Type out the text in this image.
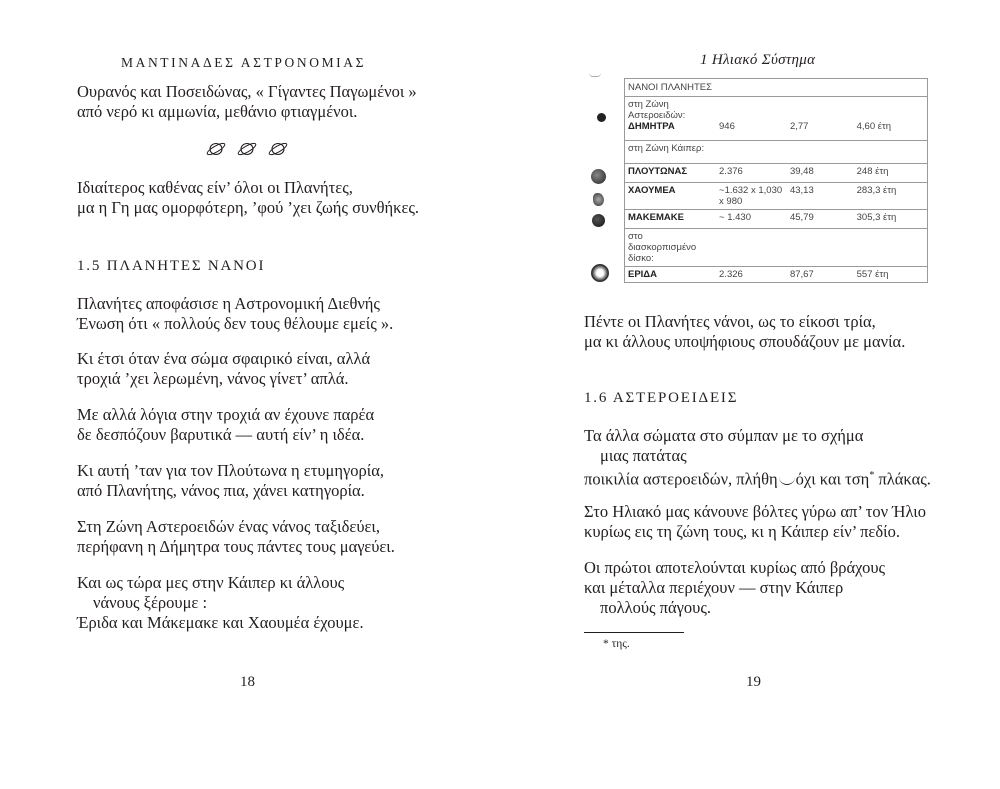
ΜΑΝΤΙΝΑΔΕΣ ΑΣΤΡΟΝΟΜΙΑΣ
Ουρανός και Ποσειδώνας, « Γίγαντες Παγωμένοι »
από νερό κι αμμωνία, μεθάνιο φτιαγμένοι.
Ιδιαίτερος καθένας είν’ όλοι οι Πλανήτες,
μα η Γη μας ομορφότερη, ’φού ’χει ζωής συνθήκες.
1.5 ΠΛΑΝΗΤΕΣ ΝΑΝΟΙ
Πλανήτες αποφάσισε η Αστρονομική Διεθνής
Ένωση ότι « πολλούς δεν τους θέλουμε εμείς ».
Κι έτσι όταν ένα σώμα σφαιρικό είναι, αλλά
τροχιά ’χει λερωμένη, νάνος γίνετ’ απλά.
Με αλλά λόγια στην τροχιά αν έχουνε παρέα
δε δεσπόζουν βαρυτικά — αυτή είν’ η ιδέα.
Κι αυτή ’ταν για τον Πλούτωνα η ετυμηγορία,
από Πλανήτης, νάνος πια, χάνει κατηγορία.
Στη Ζώνη Αστεροειδών ένας νάνος ταξιδεύει,
περήφανη η Δήμητρα τους πάντες τους μαγεύει.
Και ως τώρα μες στην Κάιπερ κι άλλους
νάνους ξέρουμε :
Έριδα και Μάκεμακε και Χαουμέα έχουμε.
18
1 Ηλιακό Σύστημα
ΝΑΝΟΙ ΠΛΑΝΗΤΕΣ			

στη Ζώνη Αστεροειδών:
ΔΗΜΗΤΡΑ	946	2,77	4,60 έτη
στη Ζώνη Κάιπερ:			
ΠΛΟΥΤΩΝΑΣ	2.376	39,48	248 έτη
ΧΑΟΥΜΕΑ	~1.632 x 1,030 x 980	43,13	283,3 έτη
ΜΑΚΕΜΑΚΕ	~ 1.430	45,79	305,3 έτη

στο διασκορπισμένο δίσκο:			

ΕΡΙΔΑ	2.326	87,67	557 έτη
Πέντε οι Πλανήτες νάνοι, ως το είκοσι τρία,
μα κι άλλους υποψήφιους σπουδάζουν με μανία.
1.6 ΑΣΤΕΡΟΕΙΔΕΙΣ
Τα άλλα σώματα στο σύμπαν με το σχήμα
μιας πατάτας
ποικιλία αστεροειδών, πλήθη όχι και τση* πλάκας.
Στο Ηλιακό μας κάνουνε βόλτες γύρω απ’ τον Ήλιο
κυρίως εις τη ζώνη τους, κι η Κάιπερ είν’ πεδίο.
Οι πρώτοι αποτελούνται κυρίως από βράχους
και μέταλλα περιέχουν — στην Κάιπερ
πολλούς πάγους.
* της.
19
